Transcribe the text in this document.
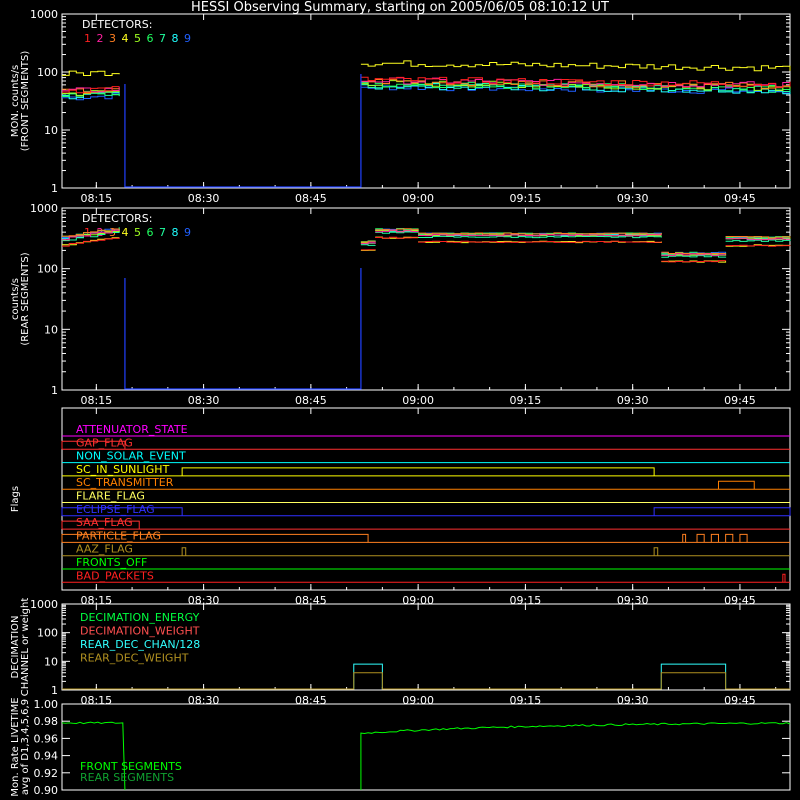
HESSI Observing Summary, starting on 2005/06/05 08:10:12 UT
1
10
100
1000
08:15	08:30	08:45	09:00	09:15	09:30	09:45
MON. counts/s (FRONT SEGMENTS)
DETECTORS:
1 2 3 4 5 6 7 8 9
1
10
100
1000
08:15	08:30	08:45	09:00	09:15	09:30	09:45
counts/s (REAR SEGMENTS)
DETECTORS:
1 2 3 4 5 6 7 8 9
08:15	08:30	08:45	09:00	09:15	09:30	09:45
Flags
ATTENUATOR_STATE
GAP_FLAG
NON_SOLAR_EVENT
SC_IN_SUNLIGHT
SC_TRANSMITTER
FLARE_FLAG
ECLIPSE_FLAG
SAA_FLAG
PARTICLE_FLAG
AAZ_FLAG
FRONTS_OFF
BAD_PACKETS
1
10
100
1000
08:15	08:30	08:45	09:00	09:15	09:30	09:45
DECIMATION CHANNEL or weight	DECIMATION_ENERGY
DECIMATION_WEIGHT
REAR_DEC_CHAN/128
REAR_DEC_WEIGHT
Mon. Rate LIVETIME avg of D1,3,4,5,6,9 0.90
0.92
0.94
0.96
0.98
1.00
FRONT SEGMENTS
REAR SEGMENTS
